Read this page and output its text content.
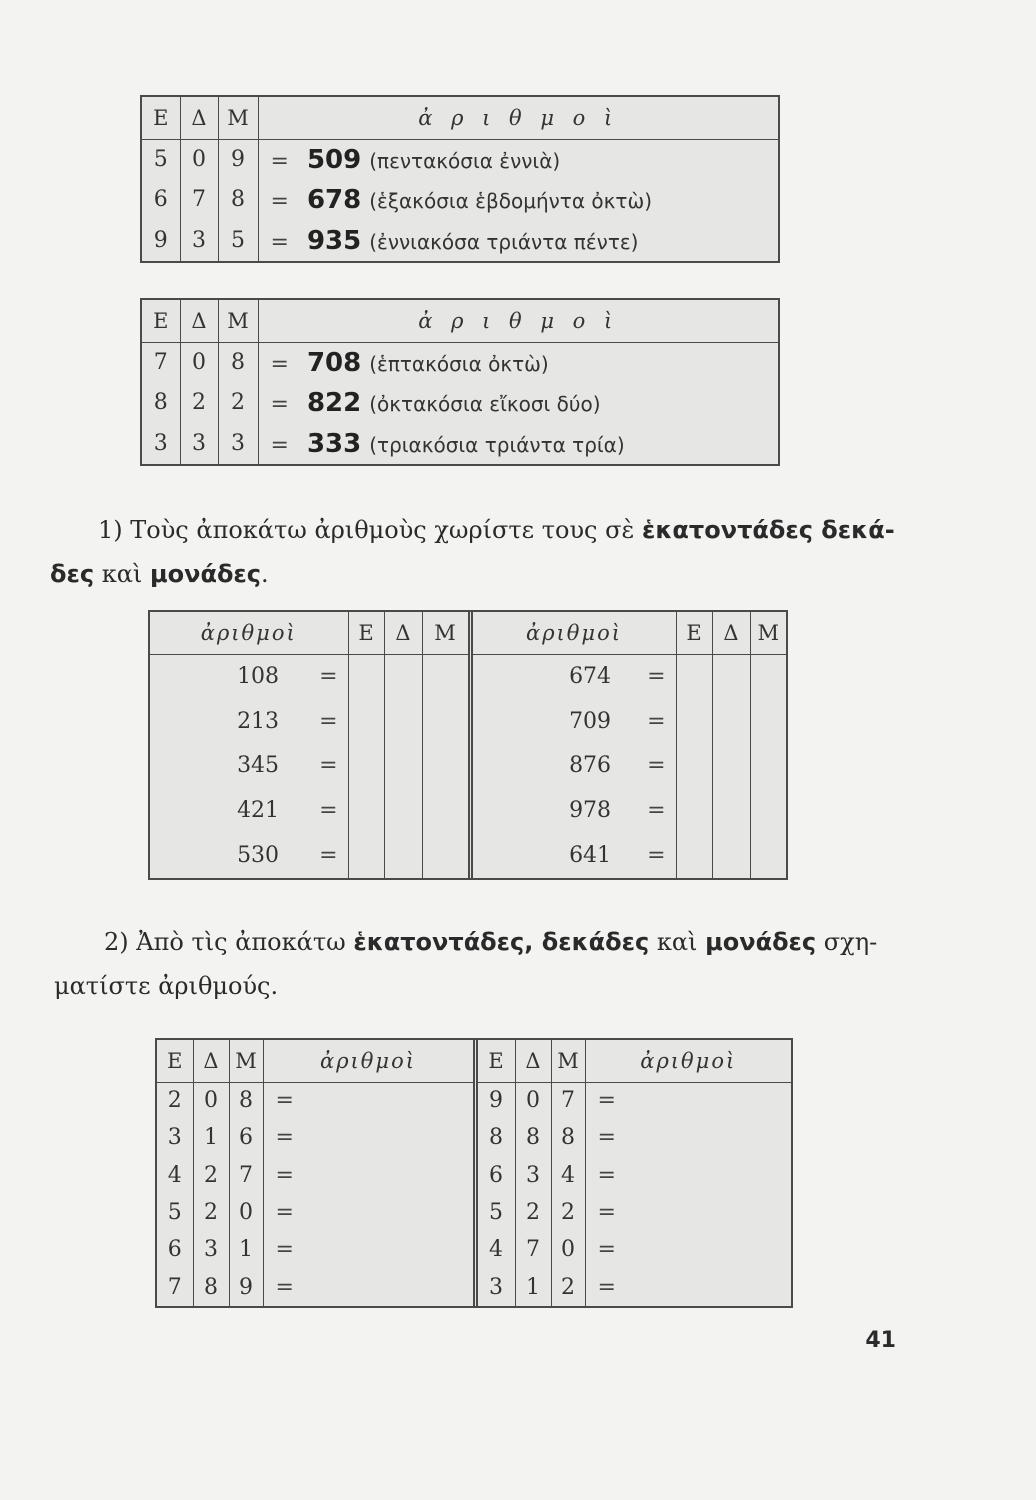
Ε	Δ	Μ	ἀ ρ ι θ μ ο ὶ
5	0	9	= 509 (πεντακόσια ἐννιὰ)
6	7	8	= 678 (ἑξακόσια ἑβδομήντα ὀκτὼ)
9	3	5	= 935 (ἐννιακόσα τριάντα πέντε)
Ε	Δ	Μ	ἀ ρ ι θ μ ο ὶ
7	0	8	= 708 (ἑπτακόσια ὀκτὼ)
8	2	2	= 822 (ὀκτακόσια εἴκοσι δύο)
3	3	3	= 333 (τριακόσια τριάντα τρία)
1) Τοὺς ἀποκάτω ἀριθμοὺς χωρίστε τους σὲ ἑκατοντάδες δεκά-
δες καὶ μονάδες.
ἀριθμοὶ	Ε	Δ	Μ	ἀριθμοὶ	Ε	Δ	Μ
108 =				674 =			
213 =				709 =			
345 =				876 =			
421 =				978 =			
530 =				641 =			
2) Ἀπὸ τὶς ἀποκάτω ἑκατοντάδες, δεκάδες καὶ μονάδες σχη-
ματίστε ἀριθμούς.
Ε	Δ	Μ	ἀριθμοὶ	Ε	Δ	Μ	ἀριθμοὶ
2	0	8	=	9	0	7	=
3	1	6	=	8	8	8	=
4	2	7	=	6	3	4	=
5	2	0	=	5	2	2	=
6	3	1	=	4	7	0	=
7	8	9	=	3	1	2	=
41
